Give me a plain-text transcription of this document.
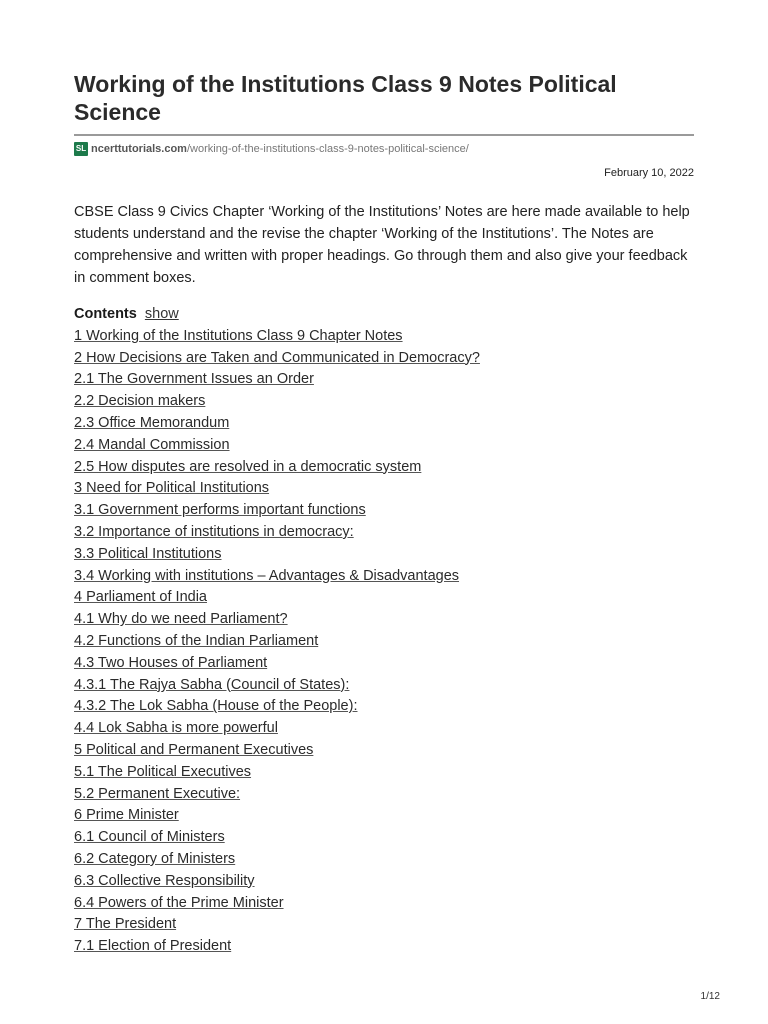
Working of the Institutions Class 9 Notes Political Science
SL ncerttutorials.com/working-of-the-institutions-class-9-notes-political-science/
February 10, 2022

CBSE Class 9 Civics Chapter ‘Working of the Institutions’ Notes are here made available to help students understand and the revise the chapter ‘Working of the Institutions’. The Notes are comprehensive and written with proper headings. Go through them and also give your feedback in comment boxes.

Contents show
1 Working of the Institutions Class 9 Chapter Notes
2 How Decisions are Taken and Communicated in Democracy?
2.1 The Government Issues an Order
2.2 Decision makers
2.3 Office Memorandum
2.4 Mandal Commission
2.5 How disputes are resolved in a democratic system
3 Need for Political Institutions
3.1 Government performs important functions
3.2 Importance of institutions in democracy:
3.3 Political Institutions
3.4 Working with institutions – Advantages & Disadvantages
4 Parliament of India
4.1 Why do we need Parliament?
4.2 Functions of the Indian Parliament
4.3 Two Houses of Parliament
4.3.1 The Rajya Sabha (Council of States):
4.3.2 The Lok Sabha (House of the People):
4.4 Lok Sabha is more powerful
5 Political and Permanent Executives
5.1 The Political Executives
5.2 Permanent Executive:
6 Prime Minister
6.1 Council of Ministers
6.2 Category of Ministers
6.3 Collective Responsibility
6.4 Powers of the Prime Minister
7 The President
7.1 Election of President
1/12
